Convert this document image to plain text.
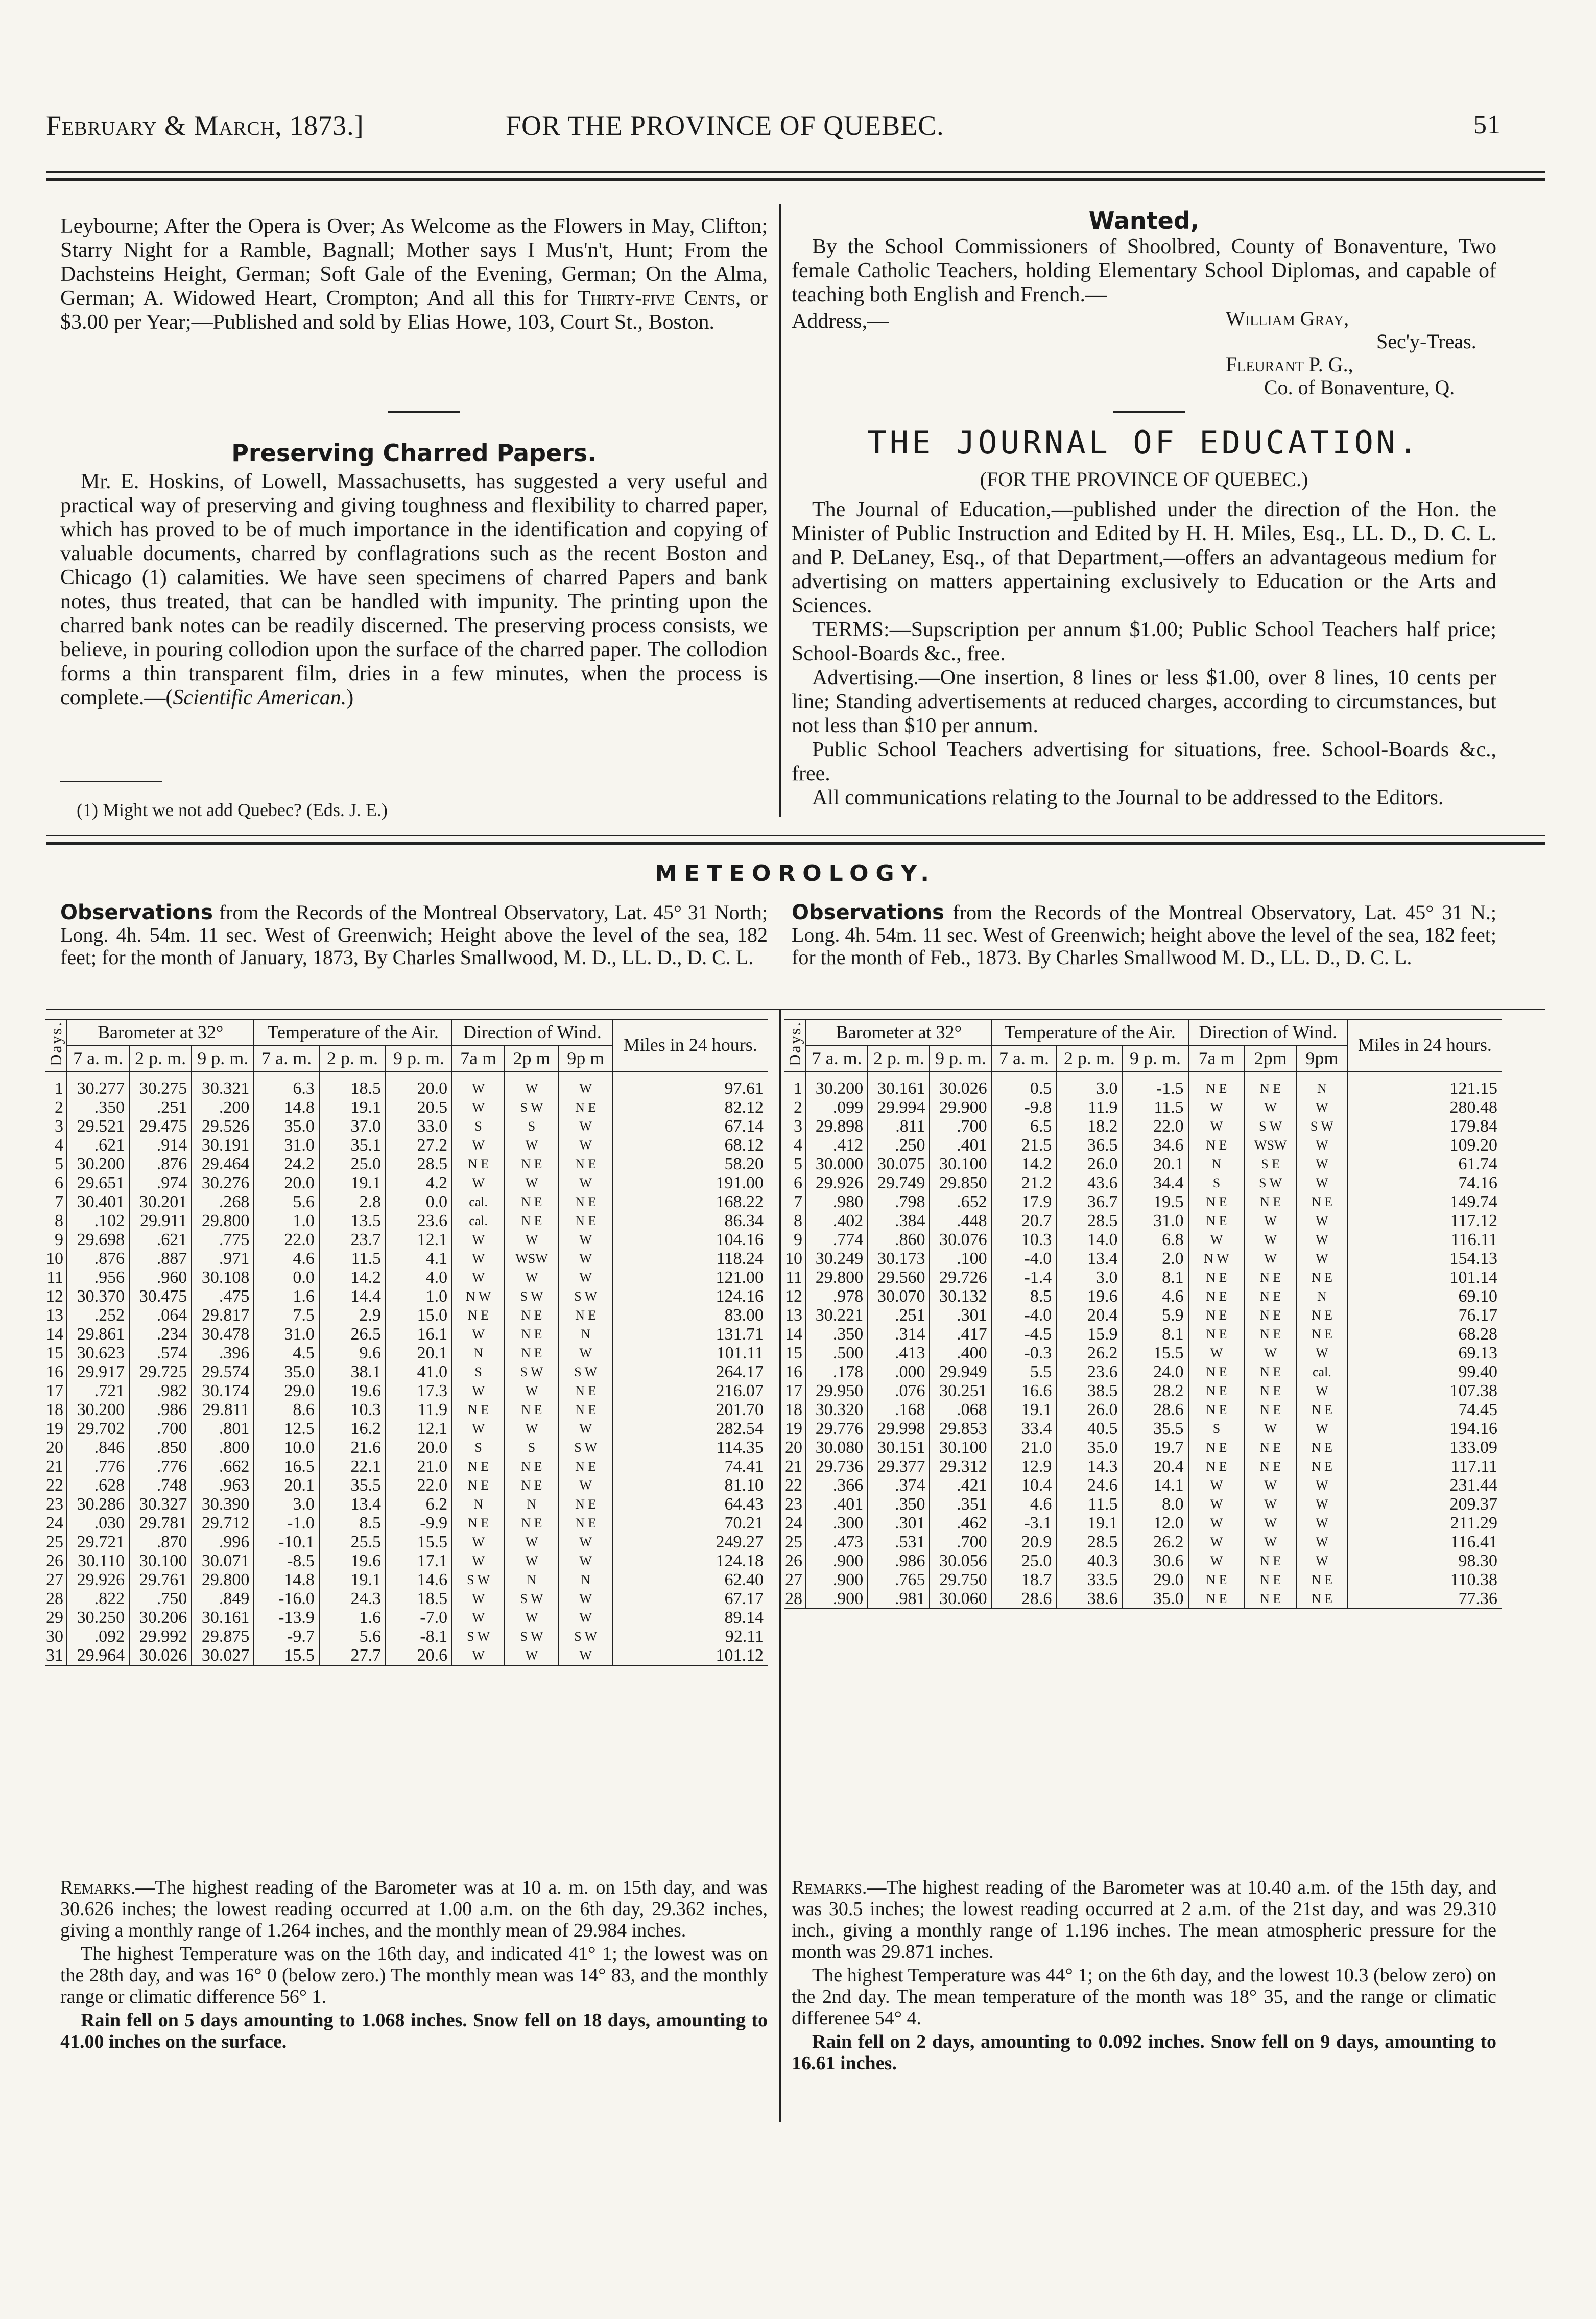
February & March, 1873.]	FOR THE PROVINCE OF QUEBEC.	51

Leybourne; After the Opera is Over; As Welcome as the Flowers in May, Clifton; Starry Night for a Ramble, Bagnall; Mother says I Mus'n't, Hunt; From the Dachsteins Height, German; Soft Gale of the Evening, German; On the Alma, German; A. Widowed Heart, Crompton; And all this for Thirty-five Cents, or $3.00 per Year;—Published and sold by Elias Howe, 103, Court St., Boston.

Preserving Charred Papers.

Mr. E. Hoskins, of Lowell, Massachusetts, has suggested a very useful and practical way of preserving and giving toughness and flexibility to charred paper, which has proved to be of much importance in the identification and copying of valuable documents, charred by conflagrations such as the recent Boston and Chicago (1) calamities. We have seen specimens of charred Papers and bank notes, thus treated, that can be handled with impunity. The printing upon the charred bank notes can be readily discerned. The preserving process consists, we believe, in pouring collodion upon the surface of the charred paper. The collodion forms a thin transparent film, dries in a few minutes, when the process is complete.—(Scientific American.)

(1) Might we not add Quebec? (Eds. J. E.)
Wanted,

By the School Commissioners of Shoolbred, County of Bonaventure, Two female Catholic Teachers, holding Elementary School Diplomas, and capable of teaching both English and French.—

Address,—	William Gray,
Sec'y-Treas.
Fleurant P. G.,
Co. of Bonaventure, Q.
THE JOURNAL OF EDUCATION.
(FOR THE PROVINCE OF QUEBEC.)

The Journal of Education,—published under the direction of the Hon. the Minister of Public Instruction and Edited by H. H. Miles, Esq., LL. D., D. C. L. and P. DeLaney, Esq., of that Department,—offers an advantageous medium for advertising on matters appertaining exclusively to Education or the Arts and Sciences.

TERMS:—Supscription per annum $1.00; Public School Teachers half price; School-Boards &c., free.

Advertising.—One insertion, 8 lines or less $1.00, over 8 lines, 10 cents per line; Standing advertisements at reduced charges, according to circumstances, but not less than $10 per annum.

Public School Teachers advertising for situations, free. School-Boards &c., free.

All communications relating to the Journal to be addressed to the Editors.

METEOROLOGY.

Observations from the Records of the Montreal Observatory, Lat. 45° 31 North; Long. 4h. 54m. 11 sec. West of Greenwich; Height above the level of the sea, 182 feet; for the month of January, 1873, By Charles Smallwood, M. D., LL. D., D. C. L.

Observations from the Records of the Montreal Observatory, Lat. 45° 31 N.; Long. 4h. 54m. 11 sec. West of Greenwich; height above the level of the sea, 182 feet; for the month of Feb., 1873. By Charles Smallwood M. D., LL. D., D. C. L.

Days.	Barometer at 32°			Temperature of the Air.			Direction of Wind.			Miles in 24 hours.
	7 a. m.	2 p. m.	9 p. m.	7 a. m.	2 p. m.	9 p. m.	7a m	2p m	9p m	
1	30.277	30.275	30.321	6.3	18.5	20.0	W	W	W	97.61
2	.350	.251	.200	14.8	19.1	20.5	W	S W	N E	82.12
3	29.521	29.475	29.526	35.0	37.0	33.0	S	S	W	67.14
4	.621	.914	30.191	31.0	35.1	27.2	W	W	W	68.12
5	30.200	.876	29.464	24.2	25.0	28.5	N E	N E	N E	58.20
6	29.651	.974	30.276	20.0	19.1	4.2	W	W	W	191.00
7	30.401	30.201	.268	5.6	2.8	0.0	cal.	N E	N E	168.22
8	.102	29.911	29.800	1.0	13.5	23.6	cal.	N E	N E	86.34
9	29.698	.621	.775	22.0	23.7	12.1	W	W	W	104.16
10	.876	.887	.971	4.6	11.5	4.1	W	WSW	W	118.24
11	.956	.960	30.108	0.0	14.2	4.0	W	W	W	121.00
12	30.370	30.475	.475	1.6	14.4	1.0	N W	S W	S W	124.16
13	.252	.064	29.817	7.5	2.9	15.0	N E	N E	N E	83.00
14	29.861	.234	30.478	31.0	26.5	16.1	W	N E	N	131.71
15	30.623	.574	.396	4.5	9.6	20.1	N	N E	W	101.11
16	29.917	29.725	29.574	35.0	38.1	41.0	S	S W	S W	264.17
17	.721	.982	30.174	29.0	19.6	17.3	W	W	N E	216.07
18	30.200	.986	29.811	8.6	10.3	11.9	N E	N E	N E	201.70
19	29.702	.700	.801	12.5	16.2	12.1	W	W	W	282.54
20	.846	.850	.800	10.0	21.6	20.0	S	S	S W	114.35
21	.776	.776	.662	16.5	22.1	21.0	N E	N E	N E	74.41
22	.628	.748	.963	20.1	35.5	22.0	N E	N E	W	81.10
23	30.286	30.327	30.390	3.0	13.4	6.2	N	N	N E	64.43
24	.030	29.781	29.712	-1.0	8.5	-9.9	N E	N E	N E	70.21
25	29.721	.870	.996	-10.1	25.5	15.5	W	W	W	249.27
26	30.110	30.100	30.071	-8.5	19.6	17.1	W	W	W	124.18
27	29.926	29.761	29.800	14.8	19.1	14.6	S W	N	N	62.40
28	.822	.750	.849	-16.0	24.3	18.5	W	S W	W	67.17
29	30.250	30.206	30.161	-13.9	1.6	-7.0	W	W	W	89.14
30	.092	29.992	29.875	-9.7	5.6	-8.1	S W	S W	S W	92.11
31	29.964	30.026	30.027	15.5	27.7	20.6	W	W	W	101.12
Days.	Barometer at 32°			Temperature of the Air.			Direction of Wind.			Miles in 24 hours.
	7 a. m.	2 p. m.	9 p. m.	7 a. m.	2 p. m.	9 p. m.	7a m	2pm	9pm	
1	30.200	30.161	30.026	0.5	3.0	-1.5	N E	N E	N	121.15
2	.099	29.994	29.900	-9.8	11.9	11.5	W	W	W	280.48
3	29.898	.811	.700	6.5	18.2	22.0	W	S W	S W	179.84
4	.412	.250	.401	21.5	36.5	34.6	N E	WSW	W	109.20
5	30.000	30.075	30.100	14.2	26.0	20.1	N	S E	W	61.74
6	29.926	29.749	29.850	21.2	43.6	34.4	S	S W	W	74.16
7	.980	.798	.652	17.9	36.7	19.5	N E	N E	N E	149.74
8	.402	.384	.448	20.7	28.5	31.0	N E	W	W	117.12
9	.774	.860	30.076	10.3	14.0	6.8	W	W	W	116.11
10	30.249	30.173	.100	-4.0	13.4	2.0	N W	W	W	154.13
11	29.800	29.560	29.726	-1.4	3.0	8.1	N E	N E	N E	101.14
12	.978	30.070	30.132	8.5	19.6	4.6	N E	N E	N	69.10
13	30.221	.251	.301	-4.0	20.4	5.9	N E	N E	N E	76.17
14	.350	.314	.417	-4.5	15.9	8.1	N E	N E	N E	68.28
15	.500	.413	.400	-0.3	26.2	15.5	W	W	W	69.13
16	.178	.000	29.949	5.5	23.6	24.0	N E	N E	cal.	99.40
17	29.950	.076	30.251	16.6	38.5	28.2	N E	N E	W	107.38
18	30.320	.168	.068	19.1	26.0	28.6	N E	N E	N E	74.45
19	29.776	29.998	29.853	33.4	40.5	35.5	S	W	W	194.16
20	30.080	30.151	30.100	21.0	35.0	19.7	N E	N E	N E	133.09
21	29.736	29.377	29.312	12.9	14.3	20.4	N E	N E	N E	117.11
22	.366	.374	.421	10.4	24.6	14.1	W	W	W	231.44
23	.401	.350	.351	4.6	11.5	8.0	W	W	W	209.37
24	.300	.301	.462	-3.1	19.1	12.0	W	W	W	211.29
25	.473	.531	.700	20.9	28.5	26.2	W	W	W	116.41
26	.900	.986	30.056	25.0	40.3	30.6	W	N E	W	98.30
27	.900	.765	29.750	18.7	33.5	29.0	N E	N E	N E	110.38
28	.900	.981	30.060	28.6	38.6	35.0	N E	N E	N E	77.36

Remarks.—The highest reading of the Barometer was at 10 a. m. on 15th day, and was 30.626 inches; the lowest reading occurred at 1.00 a.m. on the 6th day, 29.362 inches, giving a monthly range of 1.264 inches, and the monthly mean of 29.984 inches.

The highest Temperature was on the 16th day, and indicated 41° 1; the lowest was on the 28th day, and was 16° 0 (below zero.) The monthly mean was 14° 83, and the monthly range or climatic difference 56° 1.

Rain fell on 5 days amounting to 1.068 inches. Snow fell on 18 days, amounting to 41.00 inches on the surface.

Remarks.—The highest reading of the Barometer was at 10.40 a.m. of the 15th day, and was 30.5 inches; the lowest reading occurred at 2 a.m. of the 21st day, and was 29.310 inch., giving a monthly range of 1.196 inches. The mean atmospheric pressure for the month was 29.871 inches.

The highest Temperature was 44° 1; on the 6th day, and the lowest 10.3 (below zero) on the 2nd day. The mean temperature of the month was 18° 35, and the range or climatic differenee 54° 4.

Rain fell on 2 days, amounting to 0.092 inches. Snow fell on 9 days, amounting to 16.61 inches.
